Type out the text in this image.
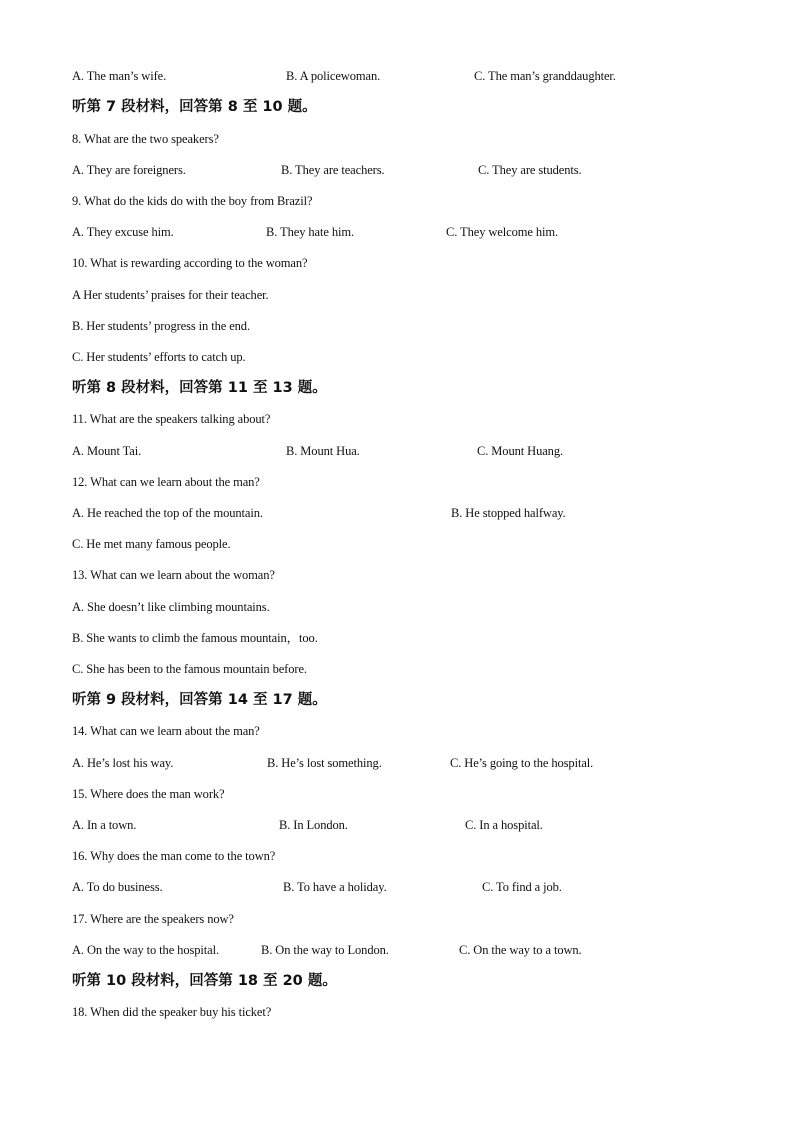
A. The man’s wife.	B. A policewoman.	C. The man’s granddaughter.
听第 7 段材料，回答第 8 至 10 题。
8. What are the two speakers?
A. They are foreigners.	B. They are teachers.	C. They are students.
9. What do the kids do with the boy from Brazil?
A. They excuse him.	B. They hate him.	C. They welcome him.
10. What is rewarding according to the woman?
A Her students’ praises for their teacher.
B. Her students’ progress in the end.
C. Her students’ efforts to catch up.
听第 8 段材料，回答第 11 至 13 题。
11. What are the speakers talking about?
A. Mount Tai.	B. Mount Hua.	C. Mount Huang.
12. What can we learn about the man?
A. He reached the top of the mountain.	B. He stopped halfway.
C. He met many famous people.
13. What can we learn about the woman?
A. She doesn’t like climbing mountains.
B. She wants to climb the famous mountain，too.
C. She has been to the famous mountain before.
听第 9 段材料，回答第 14 至 17 题。
14. What can we learn about the man?
A. He’s lost his way.	B. He’s lost something.	C. He’s going to the hospital.
15. Where does the man work?
A. In a town.	B. In London.	C. In a hospital.
16. Why does the man come to the town?
A. To do business.	B. To have a holiday.	C. To find a job.
17. Where are the speakers now?
A. On the way to the hospital.	B. On the way to London.	C. On the way to a town.
听第 10 段材料，回答第 18 至 20 题。
18. When did the speaker buy his ticket?
